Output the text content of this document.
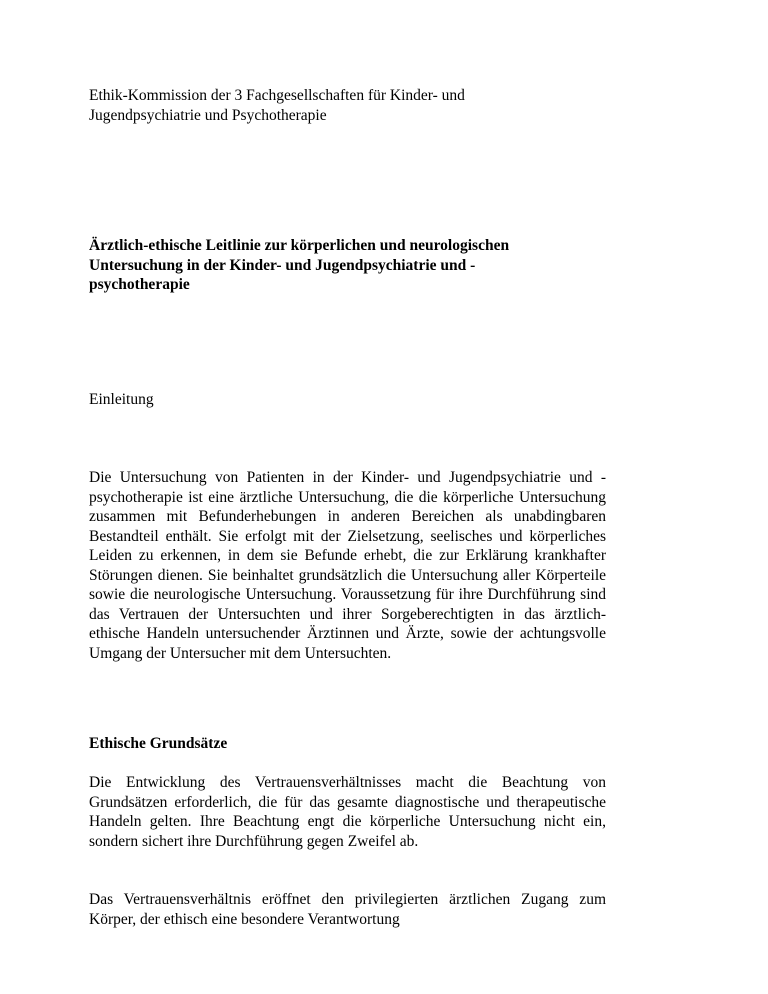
Ethik-Kommission der 3 Fachgesellschaften für Kinder- und
Jugendpsychiatrie und Psychotherapie

Ärztlich-ethische Leitlinie zur körperlichen und neurologischen
Untersuchung in der Kinder- und Jugendpsychiatrie und -
psychotherapie

Einleitung

Die Untersuchung von Patienten in der Kinder- und Jugendpsychiatrie und -psychotherapie ist eine ärztliche Untersuchung, die die körperliche Untersuchung zusammen mit Befunderhebungen in anderen Bereichen als unabdingbaren Bestandteil enthält. Sie erfolgt mit der Zielsetzung, seelisches und körperliches Leiden zu erkennen, in dem sie Befunde erhebt, die zur Erklärung krankhafter Störungen dienen. Sie beinhaltet grundsätzlich die Untersuchung aller Körperteile sowie die neurologische Untersuchung. Voraussetzung für ihre Durchführung sind das Vertrauen der Untersuchten und ihrer Sorgeberechtigten in das ärztlich-ethische Handeln untersuchender Ärztinnen und Ärzte, sowie der achtungsvolle Umgang der Untersucher mit dem Untersuchten.

Ethische Grundsätze

Die Entwicklung des Vertrauensverhältnisses macht die Beachtung von Grundsätzen erforderlich, die für das gesamte diagnostische und therapeutische Handeln gelten. Ihre Beachtung engt die körperliche Untersuchung nicht ein, sondern sichert ihre Durchführung gegen Zweifel ab.

Das Vertrauensverhältnis eröffnet den privilegierten ärztlichen Zugang zum Körper, der ethisch eine besondere Verantwortung
